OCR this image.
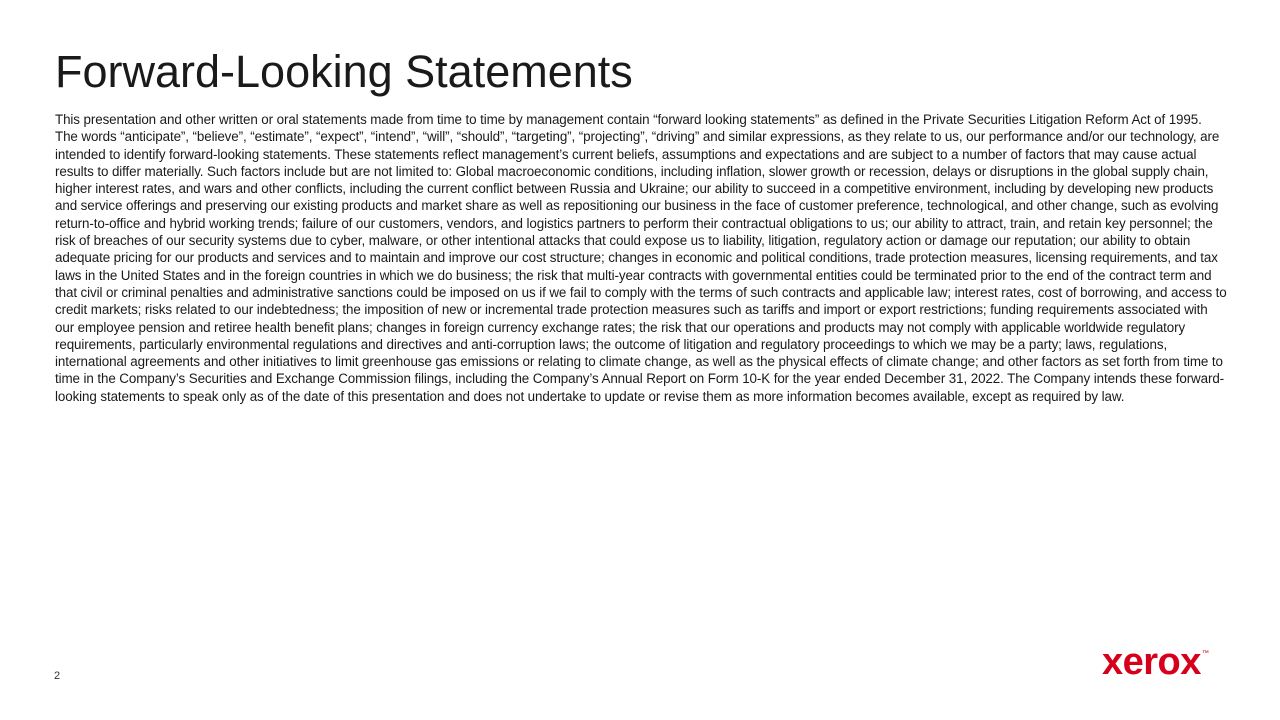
Forward-Looking Statements

This presentation and other written or oral statements made from time to time by management contain “forward looking statements” as defined in the Private Securities Litigation Reform Act of 1995. The words “anticipate”, “believe”, “estimate”, “expect”, “intend”, “will”, “should”, “targeting”, “projecting”, “driving” and similar expressions, as they relate to us, our performance and/or our technology, are intended to identify forward-looking statements. These statements reflect management’s current beliefs, assumptions and expectations and are subject to a number of factors that may cause actual results to differ materially. Such factors include but are not limited to: Global macroeconomic conditions, including inflation, slower growth or recession, delays or disruptions in the global supply chain, higher interest rates, and wars and other conflicts, including the current conflict between Russia and Ukraine; our ability to succeed in a competitive environment, including by developing new products and service offerings and preserving our existing products and market share as well as repositioning our business in the face of customer preference, technological, and other change, such as evolving return-to-office and hybrid working trends; failure of our customers, vendors, and logistics partners to perform their contractual obligations to us; our ability to attract, train, and retain key personnel; the risk of breaches of our security systems due to cyber, malware, or other intentional attacks that could expose us to liability, litigation, regulatory action or damage our reputation; our ability to obtain adequate pricing for our products and services and to maintain and improve our cost structure; changes in economic and political conditions, trade protection measures, licensing requirements, and tax laws in the United States and in the foreign countries in which we do business; the risk that multi-year contracts with governmental entities could be terminated prior to the end of the contract term and that civil or criminal penalties and administrative sanctions could be imposed on us if we fail to comply with the terms of such contracts and applicable law; interest rates, cost of borrowing, and access to credit markets; risks related to our indebtedness; the imposition of new or incremental trade protection measures such as tariffs and import or export restrictions; funding requirements associated with our employee pension and retiree health benefit plans; changes in foreign currency exchange rates; the risk that our operations and products may not comply with applicable worldwide regulatory requirements, particularly environmental regulations and directives and anti-corruption laws; the outcome of litigation and regulatory proceedings to which we may be a party; laws, regulations, international agreements and other initiatives to limit greenhouse gas emissions or relating to climate change, as well as the physical effects of climate change; and other factors as set forth from time to time in the Company’s Securities and Exchange Commission filings, including the Company’s Annual Report on Form 10-K for the year ended December 31, 2022. The Company intends these forward-looking statements to speak only as of the date of this presentation and does not undertake to update or revise them as more information becomes available, except as required by law.

2	xerox ™
